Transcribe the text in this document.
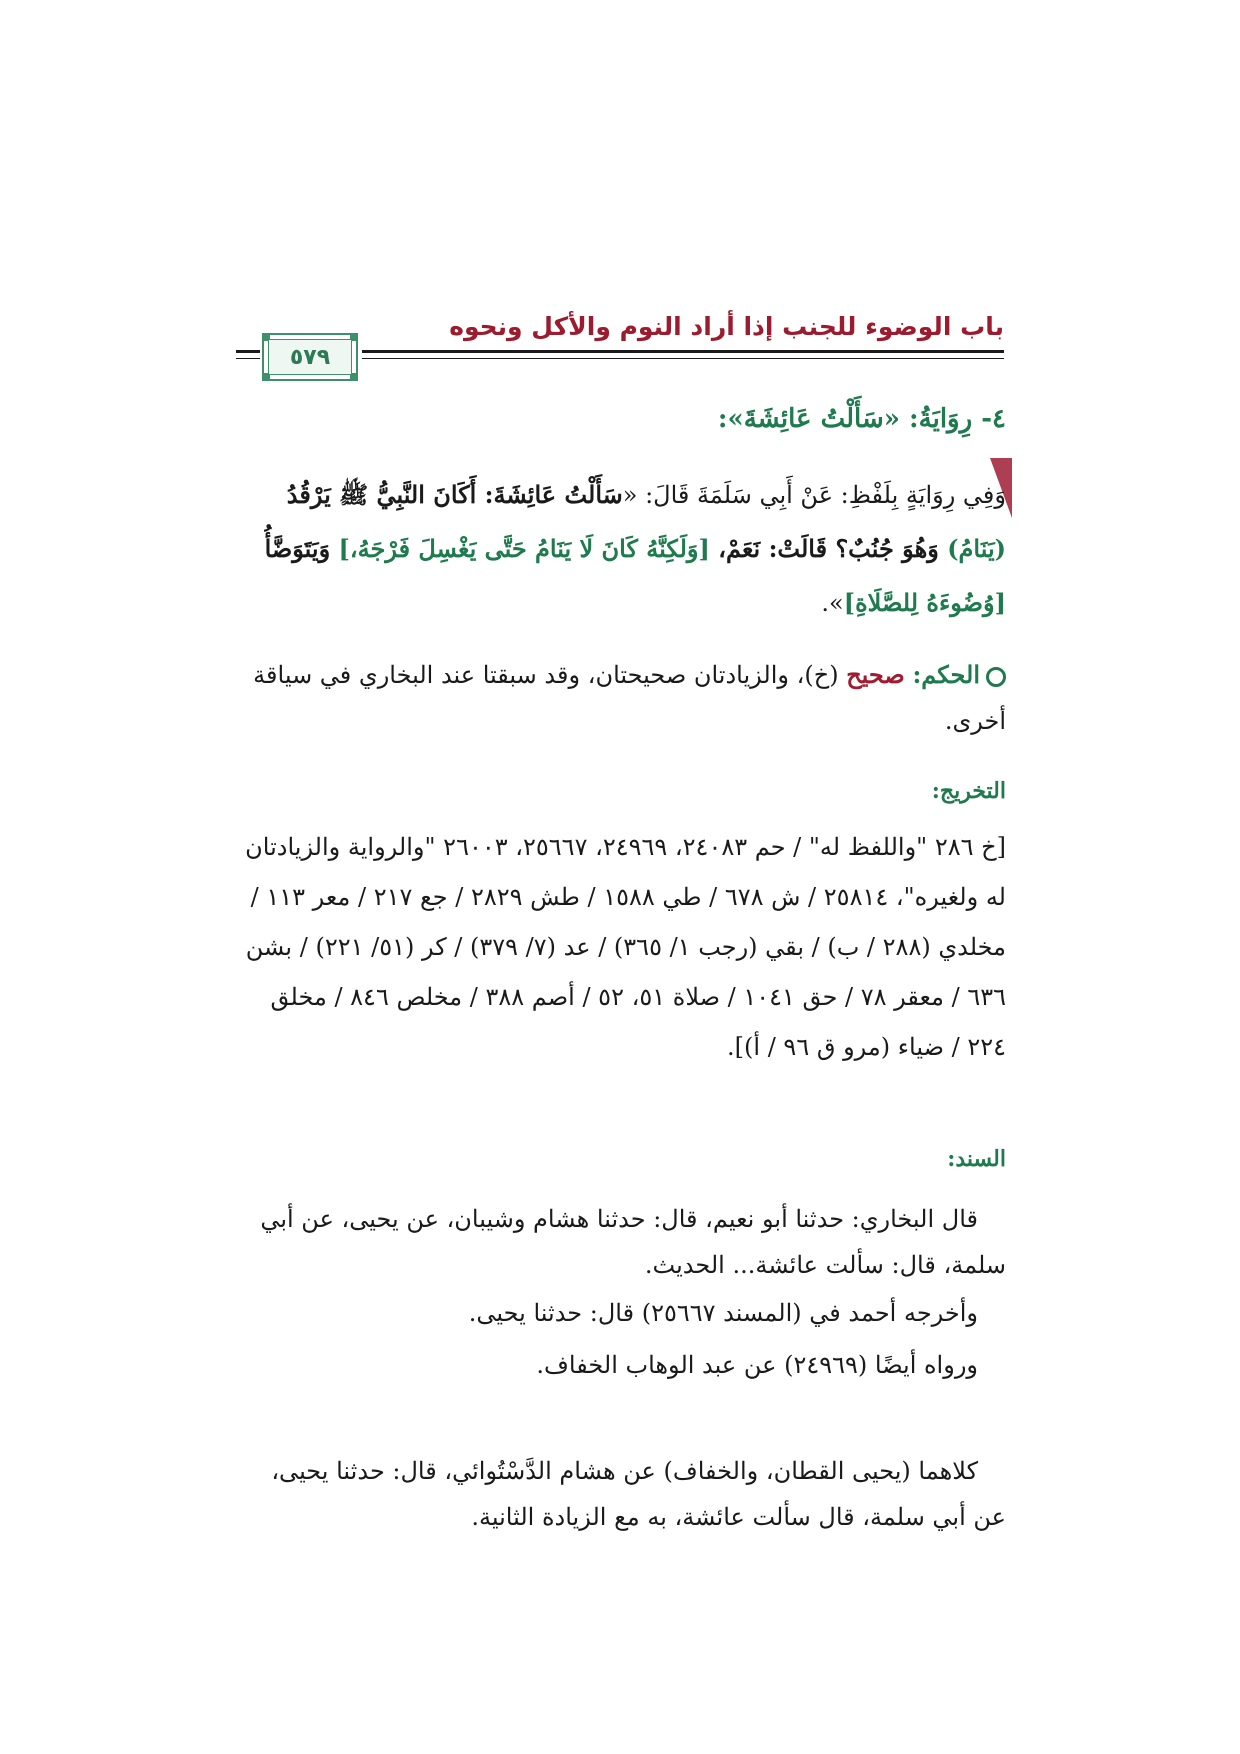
باب الوضوء للجنب إذا أراد النوم والأكل ونحوه
٥٧٩
٤- رِوَايَةُ: «سَأَلْتُ عَائِشَةَ»:
وَفِي رِوَايَةٍ بِلَفْظِ: عَنْ أَبِي سَلَمَةَ قَالَ: «سَأَلْتُ عَائِشَةَ: أَكَانَ النَّبِيُّ ﷺ يَرْقُدُ (يَنَامُ) وَهُوَ جُنُبٌ؟ قَالَتْ: نَعَمْ، [وَلَكِنَّهُ كَانَ لَا يَنَامُ حَتَّى يَغْسِلَ فَرْجَهُ،] وَيَتَوَضَّأُ [وُضُوءَهُ لِلصَّلَاةِ]».
الحكم: صحيح (خ)، والزيادتان صحيحتان، وقد سبقتا عند البخاري في سياقة أخرى.
التخريج:
[خ ٢٨٦ "واللفظ له" / حم ٢٤٠٨٣، ٢٤٩٦٩، ٢٥٦٦٧، ٢٦٠٠٣ "والرواية والزيادتان له ولغيره"، ٢٥٨١٤ / ش ٦٧٨ / طي ١٥٨٨ / طش ٢٨٢٩ / جع ٢١٧ / معر ١١٣ / مخلدي (٢٨٨ / ب) / بقي (رجب ١/ ٣٦٥) / عد (٧/ ٣٧٩) / كر (٥١/ ٢٢١) / بشن ٦٣٦ / معقر ٧٨ / حق ١٠٤١ / صلاة ٥١، ٥٢ / أصم ٣٨٨ / مخلص ٨٤٦ / مخلق ٢٢٤ / ضياء (مرو ق ٩٦ / أ)].
السند:
قال البخاري: حدثنا أبو نعيم، قال: حدثنا هشام وشيبان، عن يحيى، عن أبي سلمة، قال: سألت عائشة... الحديث.
وأخرجه أحمد في (المسند ٢٥٦٦٧) قال: حدثنا يحيى.
ورواه أيضًا (٢٤٩٦٩) عن عبد الوهاب الخفاف.
كلاهما (يحيى القطان، والخفاف) عن هشام الدَّسْتُوائي، قال: حدثنا يحيى، عن أبي سلمة، قال سألت عائشة، به مع الزيادة الثانية.
